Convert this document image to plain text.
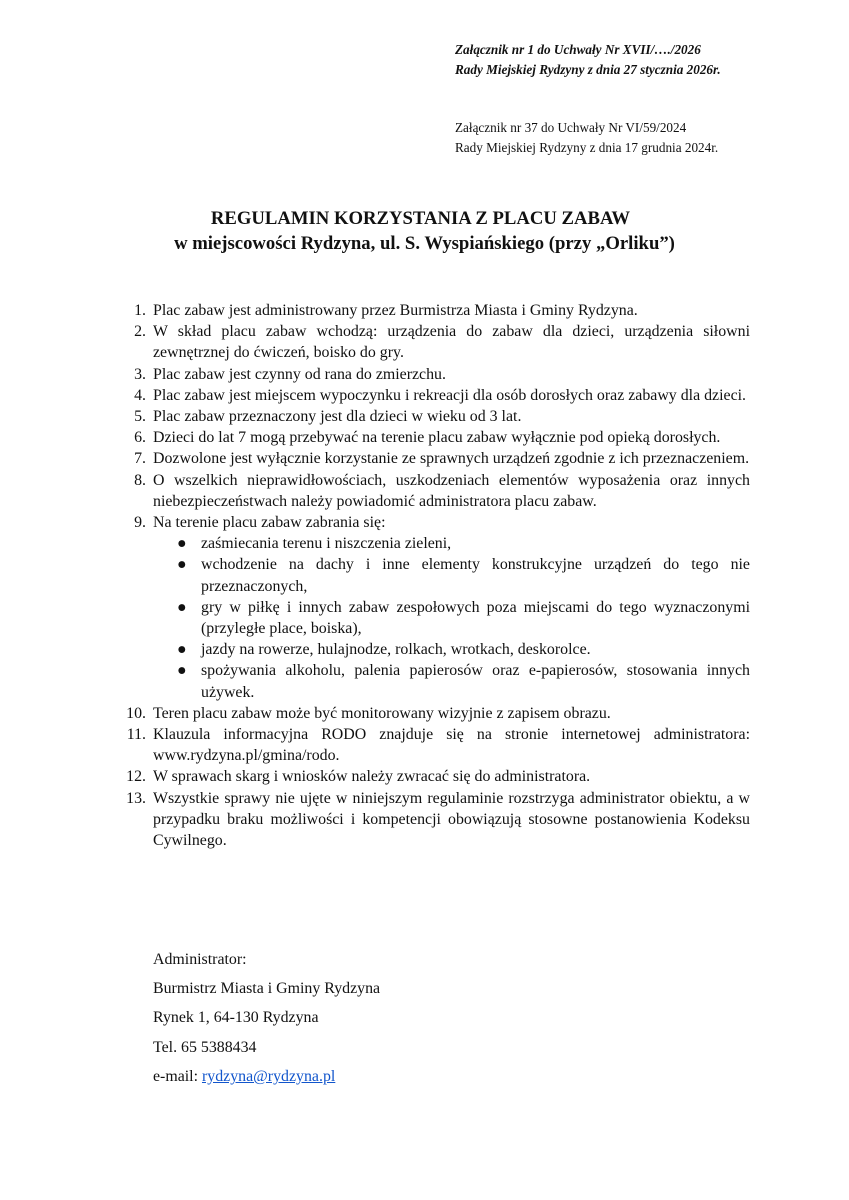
Załącznik nr 1 do Uchwały Nr XVII/…./2026
Rady Miejskiej Rydzyny z dnia 27 stycznia 2026r.
Załącznik nr 37 do Uchwały Nr VI/59/2024
Rady Miejskiej Rydzyny z dnia 17 grudnia 2024r.
REGULAMIN KORZYSTANIA Z PLACU ZABAW
w miejscowości Rydzyna, ul. S. Wyspiańskiego (przy „Orliku”)
1. Plac zabaw jest administrowany przez Burmistrza Miasta i Gminy Rydzyna.
2. W skład placu zabaw wchodzą: urządzenia do zabaw dla dzieci, urządzenia siłowni zewnętrznej do ćwiczeń, boisko do gry.
3. Plac zabaw jest czynny od rana do zmierzchu.
4. Plac zabaw jest miejscem wypoczynku i rekreacji dla osób dorosłych oraz zabawy dla dzieci.
5. Plac zabaw przeznaczony jest dla dzieci w wieku od 3 lat.
6. Dzieci do lat 7 mogą przebywać na terenie placu zabaw wyłącznie pod opieką dorosłych.
7. Dozwolone jest wyłącznie korzystanie ze sprawnych urządzeń zgodnie z ich przeznaczeniem.
8. O wszelkich nieprawidłowościach, uszkodzeniach elementów wyposażenia oraz innych niebezpieczeństwach należy powiadomić administratora placu zabaw.
9. Na terenie placu zabaw zabrania się:
● zaśmiecania terenu i niszczenia zieleni,
● wchodzenie na dachy i inne elementy konstrukcyjne urządzeń do tego nie przeznaczonych,
● gry w piłkę i innych zabaw zespołowych poza miejscami do tego wyznaczonymi (przyległe place, boiska),
● jazdy na rowerze, hulajnodze, rolkach, wrotkach, deskorolce.
● spożywania alkoholu, palenia papierosów oraz e-papierosów, stosowania innych używek.
10. Teren placu zabaw może być monitorowany wizyjnie z zapisem obrazu.
11. Klauzula informacyjna RODO znajduje się na stronie internetowej administratora: www.rydzyna.pl/gmina/rodo.
12. W sprawach skarg i wniosków należy zwracać się do administratora.
13. Wszystkie sprawy nie ujęte w niniejszym regulaminie rozstrzyga administrator obiektu, a w przypadku braku możliwości i kompetencji obowiązują stosowne postanowienia Kodeksu Cywilnego.
Administrator:
Burmistrz Miasta i Gminy Rydzyna
Rynek 1, 64-130 Rydzyna
Tel. 65 5388434
e-mail: rydzyna@rydzyna.pl
